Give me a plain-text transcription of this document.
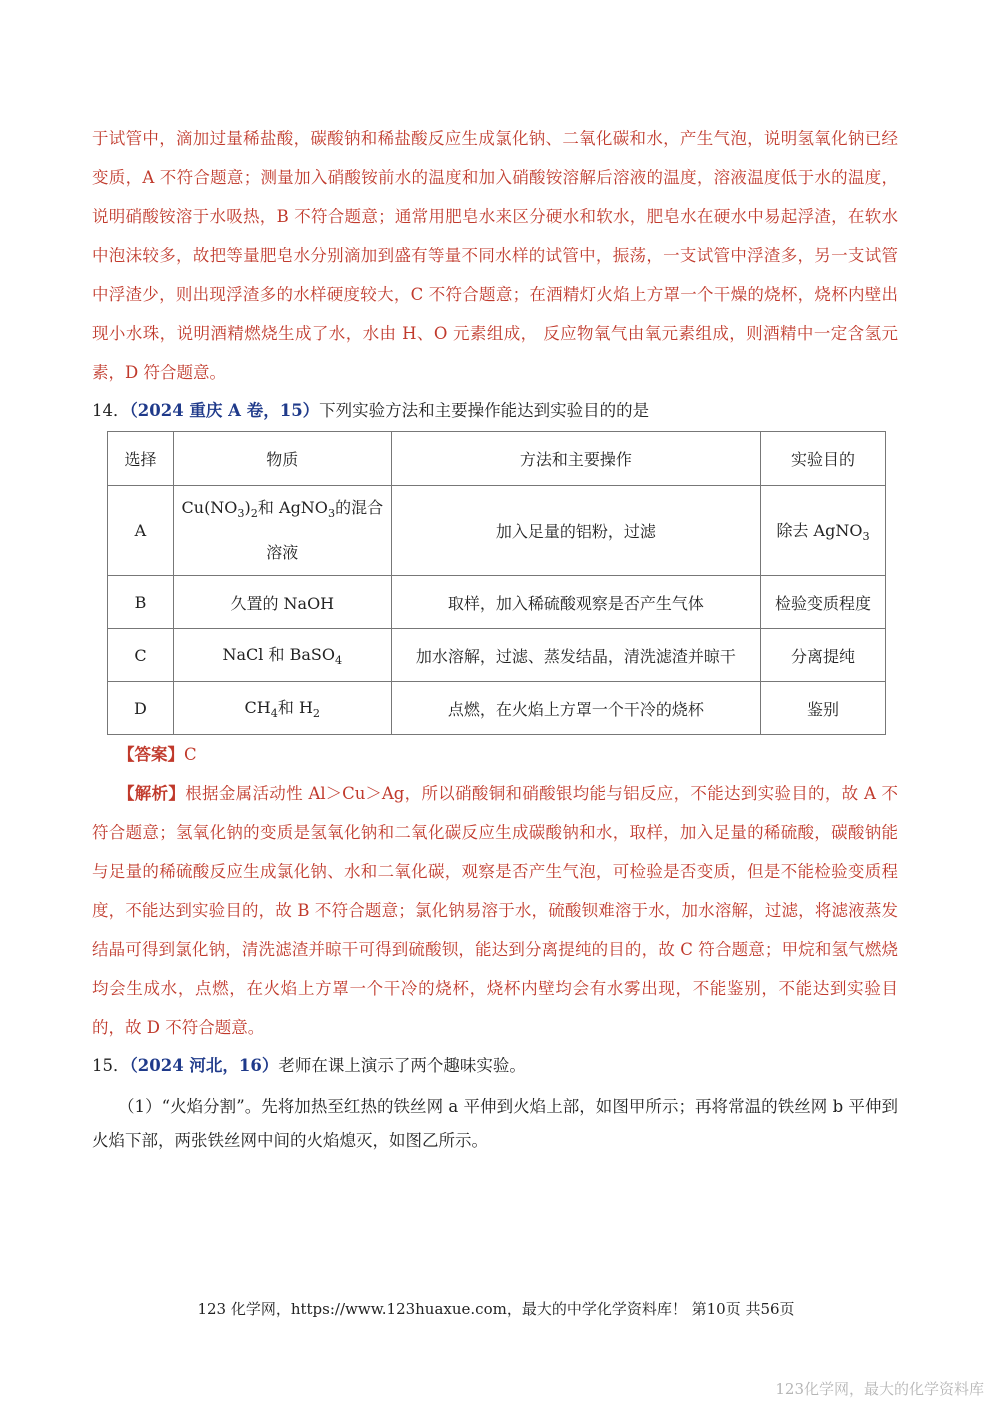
于试管中，滴加过量稀盐酸，碳酸钠和稀盐酸反应生成氯化钠、二氧化碳和水，产生气泡，说明氢氧化钠已经变质，A 不符合题意；测量加入硝酸铵前水的温度和加入硝酸铵溶解后溶液的温度，溶液温度低于水的温度，说明硝酸铵溶于水吸热，B 不符合题意；通常用肥皂水来区分硬水和软水，肥皂水在硬水中易起浮渣，在软水中泡沫较多，故把等量肥皂水分别滴加到盛有等量不同水样的试管中，振荡，一支试管中浮渣多，另一支试管中浮渣少，则出现浮渣多的水样硬度较大，C 不符合题意；在酒精灯火焰上方罩一个干燥的烧杯，烧杯内壁出现小水珠，说明酒精燃烧生成了水，水由 H、O 元素组成， 反应物氧气由氧元素组成，则酒精中一定含氢元素，D 符合题意。
14．（2024 重庆 A 卷，15）下列实验方法和主要操作能达到实验目的的是
选择	物质	方法和主要操作	实验目的
A	$Cu(NO_3)_2$和 AgNO$_3$的混合溶液	加入足量的铝粉，过滤	除去 AgNO$_3$
B	久置的 NaOH	取样，加入稀硫酸观察是否产生气体	检验变质程度
C	NaCl 和 BaSO$_4$	加水溶解，过滤、蒸发结晶，清洗滤渣并晾干	分离提纯
D	$CH_4$和 $H_2$	点燃，在火焰上方罩一个干冷的烧杯	鉴别
【答案】C
【解析】根据金属活动性 Al＞Cu＞Ag，所以硝酸铜和硝酸银均能与铝反应，不能达到实验目的，故 A 不符合题意；氢氧化钠的变质是氢氧化钠和二氧化碳反应生成碳酸钠和水，取样，加入足量的稀硫酸，碳酸钠能与足量的稀硫酸反应生成氯化钠、水和二氧化碳，观察是否产生气泡，可检验是否变质，但是不能检验变质程度，不能达到实验目的，故 B 不符合题意；氯化钠易溶于水，硫酸钡难溶于水，加水溶解，过滤，将滤液蒸发结晶可得到氯化钠，清洗滤渣并晾干可得到硫酸钡，能达到分离提纯的目的，故 C 符合题意；甲烷和氢气燃烧均会生成水，点燃，在火焰上方罩一个干冷的烧杯，烧杯内壁均会有水雾出现，不能鉴别，不能达到实验目的，故 D 不符合题意。
15．（2024 河北，16）老师在课上演示了两个趣味实验。
（1）“火焰分割”。先将加热至红热的铁丝网 a 平伸到火焰上部，如图甲所示；再将常温的铁丝网 b 平伸到火焰下部，两张铁丝网中间的火焰熄灭，如图乙所示。
123 化学网，https://www.123huaxue.com，最大的中学化学资料库！ 第10页 共56页
123化学网，最大的化学资料库
